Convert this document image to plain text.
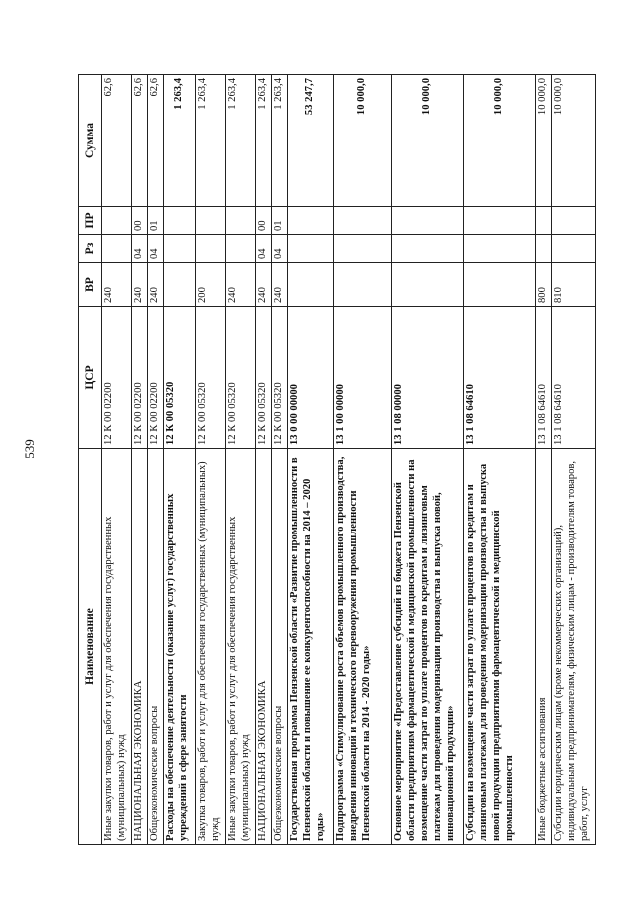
539
Наименование	ЦСР	ВР	Рз	ПР	Сумма
Иные закупки товаров, работ и услуг для обеспечения государственных (муниципальных) нужд	12 К 00 02200	240			62,6
НАЦИОНАЛЬНАЯ ЭКОНОМИКА	12 К 00 02200	240	04	00	62,6
Общеэкономические вопросы	12 К 00 02200	240	04	01	62,6
Расходы на обеспечение деятельности (оказание услуг) государственных учреждений в сфере занятости	12 К 00 05320				1 263,4
Закупка товаров, работ и услуг для обеспечения государственных (муниципальных) нужд	12 К 00 05320	200			1 263,4
Иные закупки товаров, работ и услуг для обеспечения государственных (муниципальных) нужд	12 К 00 05320	240			1 263,4
НАЦИОНАЛЬНАЯ ЭКОНОМИКА	12 К 00 05320	240	04	00	1 263,4
Общеэкономические вопросы	12 К 00 05320	240	04	01	1 263,4
Государственная программа Пензенской области «Развитие промышленности в Пензенской области и повышение ее конкурентоспособности на 2014 – 2020 годы»	13 0 00 00000				53 247,7
Подпрограмма «Стимулирование роста объемов промышленного производства, внедрения инноваций и технического перевооружения промышленности Пензенской области на 2014 - 2020 годы»	13 1 00 00000				10 000,0
Основное мероприятие «Предоставление субсидий из бюджета Пензенской области предприятиям фармацевтической и медицинской промышленности на возмещение части затрат по уплате процентов по кредитам и лизинговым платежам для проведения модернизации производства и выпуска новой, инновационной продукции»	13 1 08 00000				10 000,0
Субсидии на возмещение части затрат по уплате процентов по кредитам и лизинговым платежам для проведения модернизации производства и выпуска новой продукции предприятиями фармацевтической и медицинской промышленности	13 1 08 64610				10 000,0
Иные бюджетные ассигнования	13 1 08 64610	800			10 000,0
Субсидии юридическим лицам (кроме некоммерческих организаций), индивидуальным предпринимателям, физическим лицам - производителям товаров, работ, услуг	13 1 08 64610	810			10 000,0
